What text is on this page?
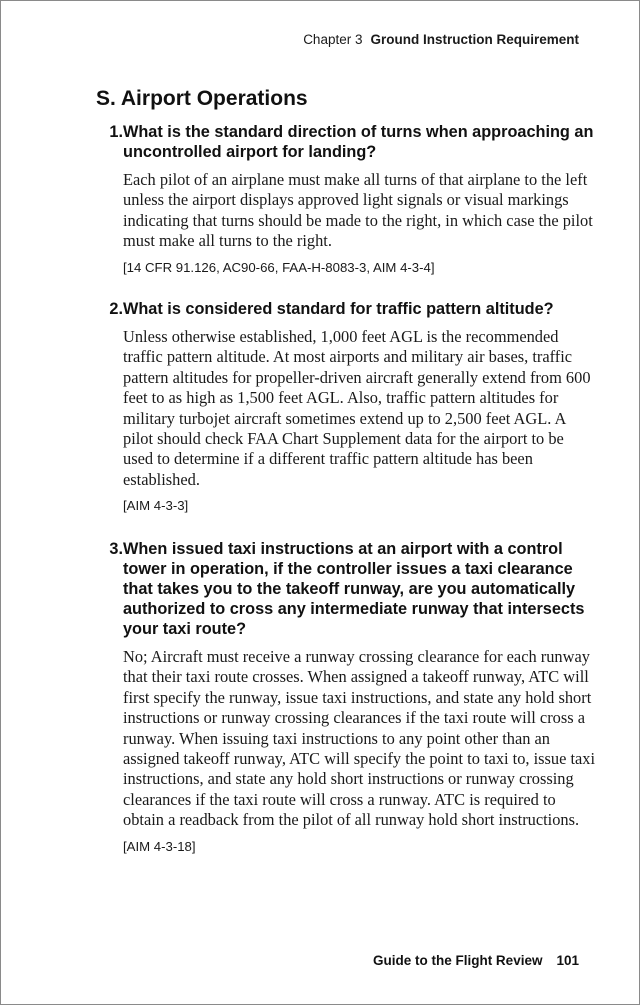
Chapter 3 Ground Instruction Requirement
S. Airport Operations
1. What is the standard direction of turns when approaching an uncontrolled airport for landing?
Each pilot of an airplane must make all turns of that airplane to the left unless the airport displays approved light signals or visual markings indicating that turns should be made to the right, in which case the pilot must make all turns to the right.
[14 CFR 91.126, AC90-66, FAA-H-8083-3, AIM 4-3-4]
2. What is considered standard for traffic pattern altitude?
Unless otherwise established, 1,000 feet AGL is the recommended traffic pattern altitude. At most airports and military air bases, traffic pattern altitudes for propeller-driven aircraft generally extend from 600 feet to as high as 1,500 feet AGL. Also, traffic pattern altitudes for military turbojet aircraft sometimes extend up to 2,500 feet AGL. A pilot should check FAA Chart Supplement data for the airport to be used to determine if a different traffic pattern altitude has been established.
[AIM 4-3-3]
3. When issued taxi instructions at an airport with a control tower in operation, if the controller issues a taxi clearance that takes you to the takeoff runway, are you automatically authorized to cross any intermediate runway that intersects your taxi route?
No; Aircraft must receive a runway crossing clearance for each runway that their taxi route crosses. When assigned a takeoff runway, ATC will first specify the runway, issue taxi instructions, and state any hold short instructions or runway crossing clearances if the taxi route will cross a runway. When issuing taxi instructions to any point other than an assigned takeoff runway, ATC will specify the point to taxi to, issue taxi instructions, and state any hold short instructions or runway crossing clearances if the taxi route will cross a runway. ATC is required to obtain a readback from the pilot of all runway hold short instructions.
[AIM 4-3-18]
Guide to the Flight Review 101
